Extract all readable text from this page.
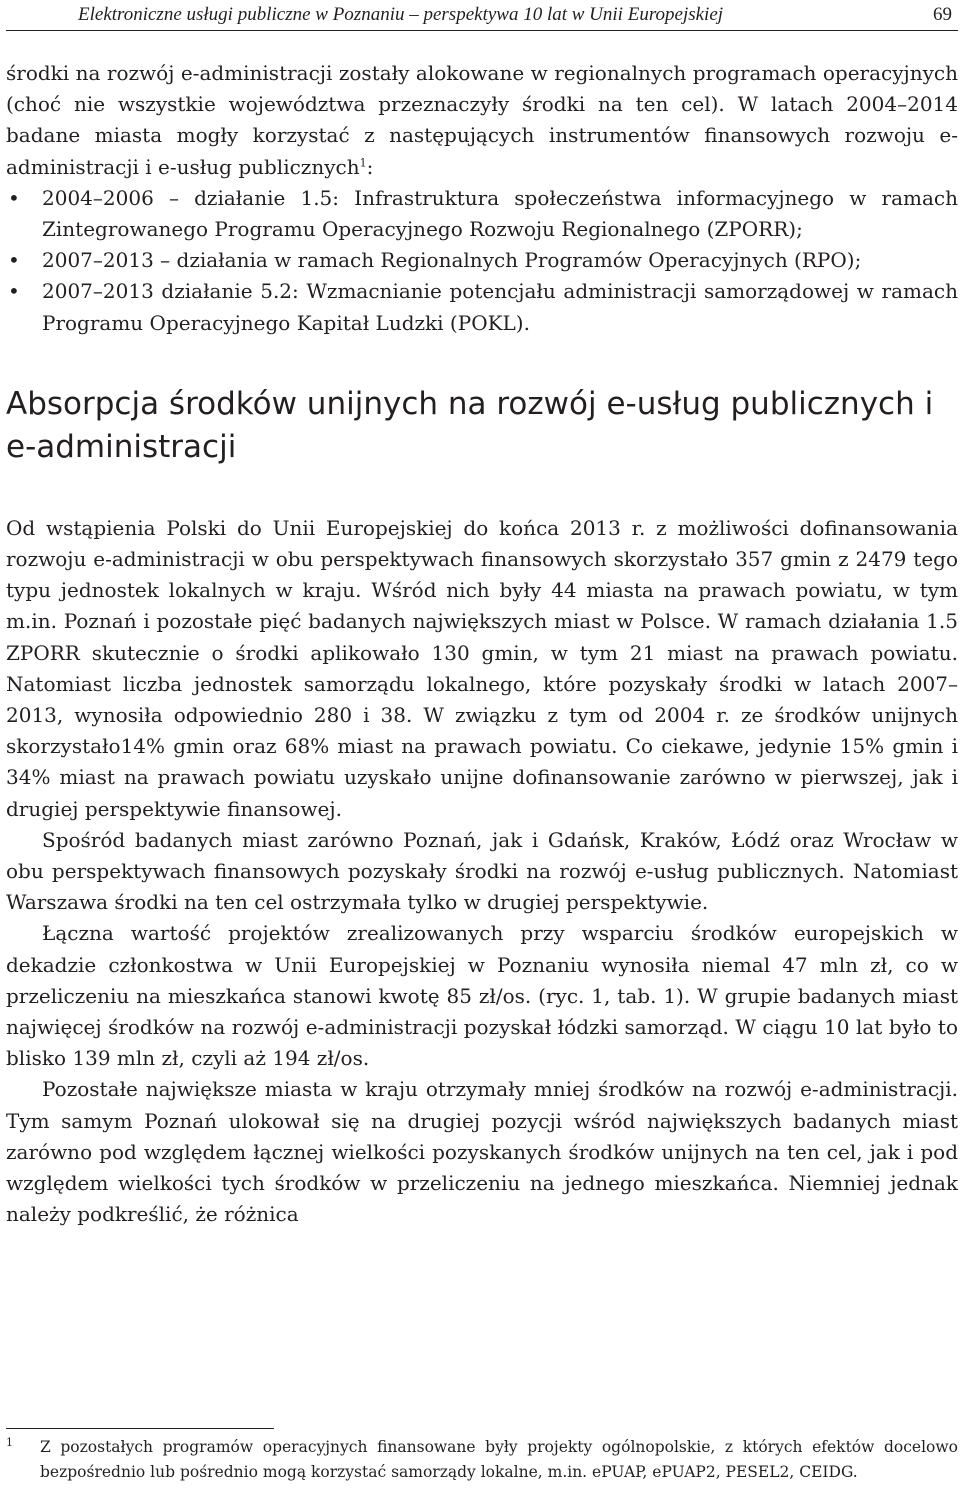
Elektroniczne usługi publiczne w Poznaniu – perspektywa 10 lat w Unii Europejskiej	69

środki na rozwój e-administracji zostały alokowane w regionalnych programach operacyjnych (choć nie wszystkie województwa przeznaczyły środki na ten cel). W latach 2004–2014 badane miasta mogły korzystać z następujących instrumentów finansowych rozwoju e-administracji i e-usług publicznych$^1$:

• 2004–2006 – działanie 1.5: Infrastruktura społeczeństwa informacyjnego w ramach Zintegrowanego Programu Operacyjnego Rozwoju Regionalnego (ZPORR);
• 2007–2013 – działania w ramach Regionalnych Programów Operacyjnych (RPO);
• 2007–2013 działanie 5.2: Wzmacnianie potencjału administracji samorządowej w ramach Programu Operacyjnego Kapitał Ludzki (POKL).
Absorpcja środków unijnych na rozwój e-usług publicznych i e-administracji

Od wstąpienia Polski do Unii Europejskiej do końca 2013 r. z możliwości dofinansowania rozwoju e-administracji w obu perspektywach finansowych skorzystało 357 gmin z 2479 tego typu jednostek lokalnych w kraju. Wśród nich były 44 miasta na prawach powiatu, w tym m.in. Poznań i pozostałe pięć badanych największych miast w Polsce. W ramach działania 1.5 ZPORR skutecznie o środki aplikowało 130 gmin, w tym 21 miast na prawach powiatu. Natomiast liczba jednostek samorządu lokalnego, które pozyskały środki w latach 2007–2013, wynosiła odpowiednio 280 i 38. W związku z tym od 2004 r. ze środków unijnych skorzystało14% gmin oraz 68% miast na prawach powiatu. Co ciekawe, jedynie 15% gmin i 34% miast na prawach powiatu uzyskało unijne dofinansowanie zarówno w pierwszej, jak i drugiej perspektywie finansowej.

Spośród badanych miast zarówno Poznań, jak i Gdańsk, Kraków, Łódź oraz Wrocław w obu perspektywach finansowych pozyskały środki na rozwój e-usług publicznych. Natomiast Warszawa środki na ten cel ostrzymała tylko w drugiej perspektywie.

Łączna wartość projektów zrealizowanych przy wsparciu środków europejskich w dekadzie członkostwa w Unii Europejskiej w Poznaniu wynosiła niemal 47 mln zł, co w przeliczeniu na mieszkańca stanowi kwotę 85 zł/os. (ryc. 1, tab. 1). W grupie badanych miast najwięcej środków na rozwój e-administracji pozyskał łódzki samorząd. W ciągu 10 lat było to blisko 139 mln zł, czyli aż 194 zł/os.

Pozostałe największe miasta w kraju otrzymały mniej środków na rozwój e-administracji. Tym samym Poznań ulokował się na drugiej pozycji wśród największych badanych miast zarówno pod względem łącznej wielkości pozyskanych środków unijnych na ten cel, jak i pod względem wielkości tych środków w przeliczeniu na jednego mieszkańca. Niemniej jednak należy podkreślić, że różnica

1 Z pozostałych programów operacyjnych finansowane były projekty ogólnopolskie, z których efektów docelowo bezpośrednio lub pośrednio mogą korzystać samorządy lokalne, m.in. ePUAP, ePUAP2, PESEL2, CEIDG.
